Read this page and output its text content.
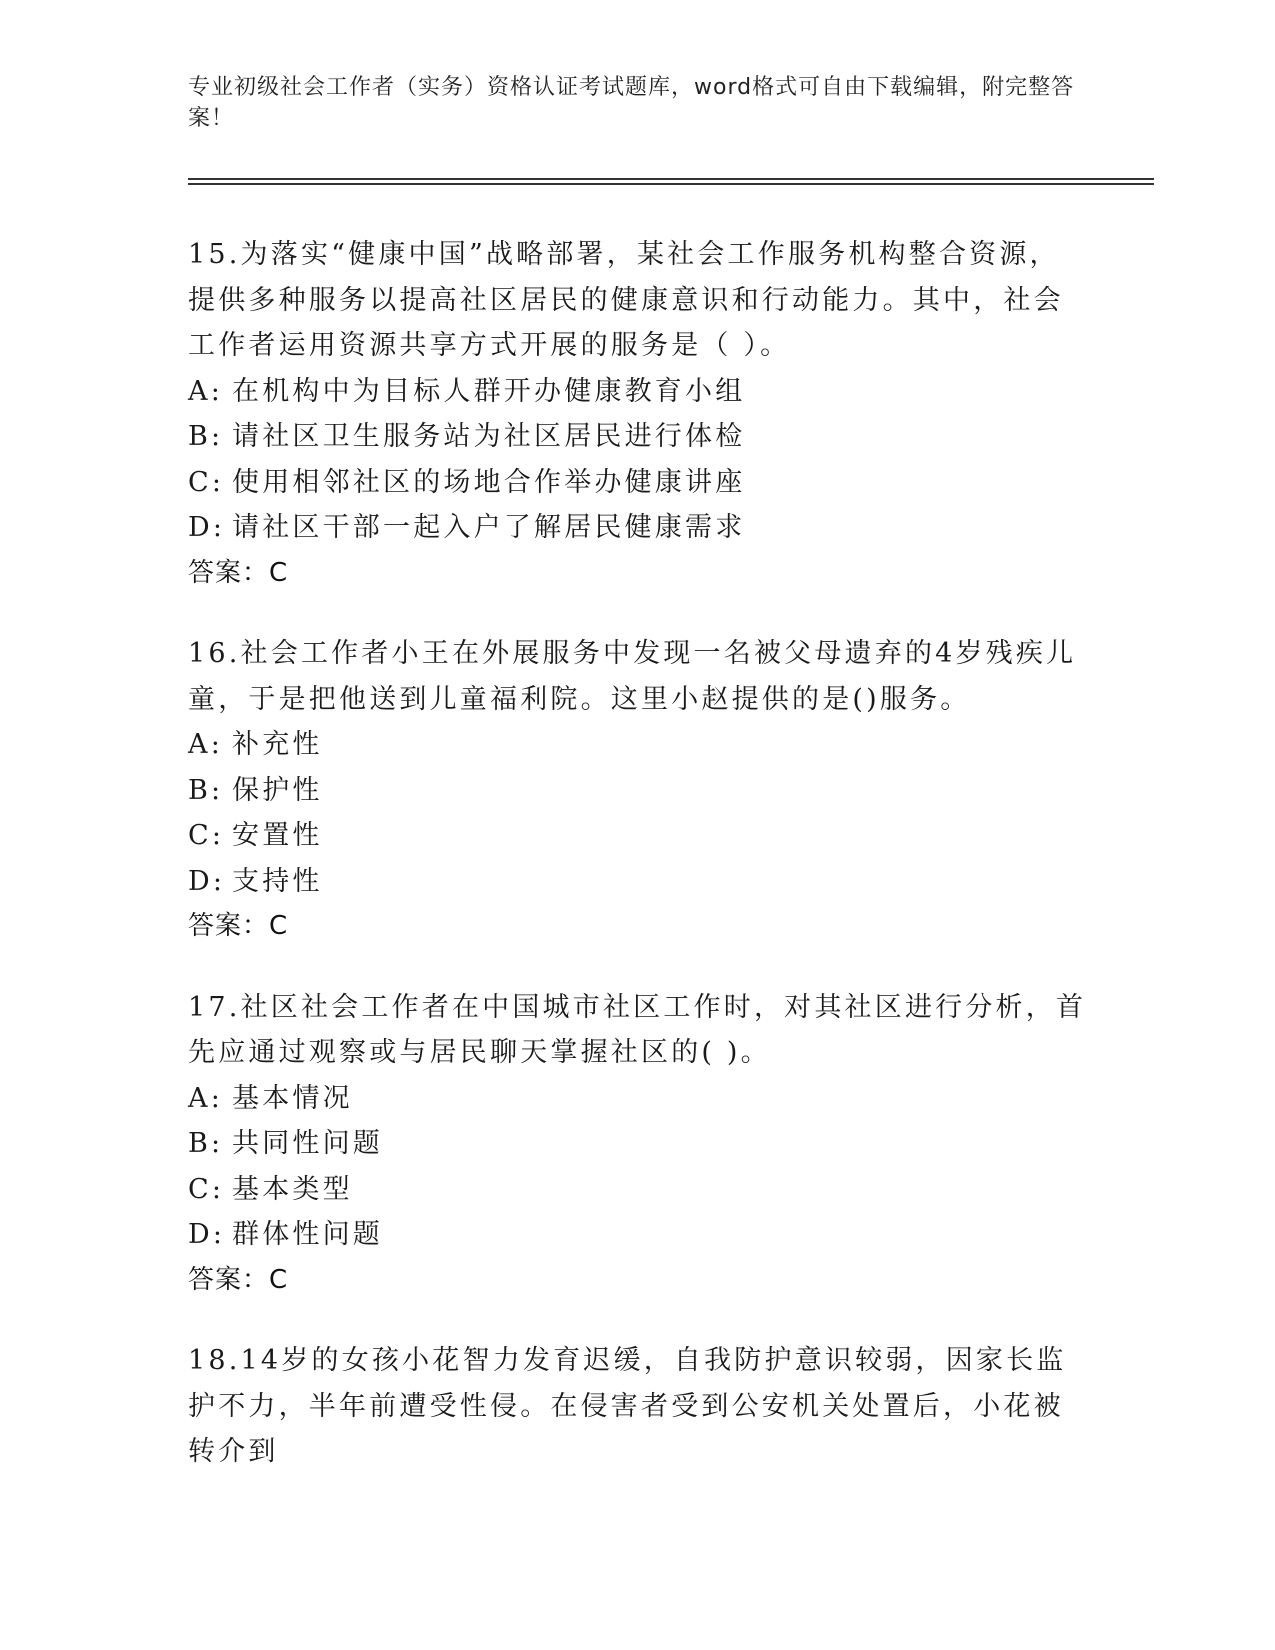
专业初级社会工作者（实务）资格认证考试题库，word格式可自由下载编辑，附完整答案！

15.为落实“健康中国”战略部署，某社会工作服务机构整合资源，提供多种服务以提高社区居民的健康意识和行动能力。其中，社会工作者运用资源共享方式开展的服务是（ ）。

A: 在机构中为目标人群开办健康教育小组

B: 请社区卫生服务站为社区居民进行体检

C: 使用相邻社区的场地合作举办健康讲座

D: 请社区干部一起入户了解居民健康需求

答案：C

16.社会工作者小王在外展服务中发现一名被父母遗弃的4岁残疾儿童，于是把他送到儿童福利院。这里小赵提供的是()服务。

A: 补充性

B: 保护性

C: 安置性

D: 支持性

答案：C

17.社区社会工作者在中国城市社区工作时，对其社区进行分析，首先应通过观察或与居民聊天掌握社区的( )。

A: 基本情况

B: 共同性问题

C: 基本类型

D: 群体性问题

答案：C

18.14岁的女孩小花智力发育迟缓，自我防护意识较弱，因家长监护不力，半年前遭受性侵。在侵害者受到公安机关处置后，小花被转介到
